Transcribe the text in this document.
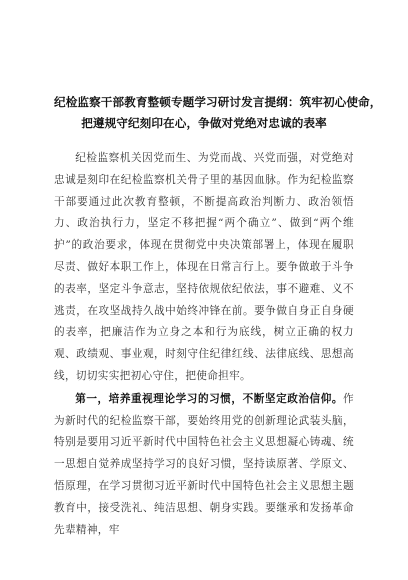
纪检监察干部教育整顿专题学习研讨发言提纲：筑牢初心使命，
把遵规守纪刻印在心，争做对党绝对忠诚的表率

纪检监察机关因党而生、为党而战、兴党而强，对党绝对忠诚是刻印在纪检监察机关骨子里的基因血脉。作为纪检监察干部要通过此次教育整顿，不断提高政治判断力、政治领悟力、政治执行力，坚定不移把握“两个确立”、做到“两个维护”的政治要求，体现在贯彻党中央决策部署上，体现在履职尽责、做好本职工作上，体现在日常言行上。要争做敢于斗争的表率，坚定斗争意志，坚持依规依纪依法，事不避难、义不逃责，在攻坚战持久战中始终冲锋在前。要争做自身正自身硬的表率，把廉洁作为立身之本和行为底线，树立正确的权力观、政绩观、事业观，时刻守住纪律红线、法律底线、思想高线，切切实实把初心守住，把使命担牢。

第一，培养重视理论学习的习惯，不断坚定政治信仰。作为新时代的纪检监察干部，要始终用党的创新理论武装头脑，特别是要用习近平新时代中国特色社会主义思想凝心铸魂、统一思想自觉养成坚持学习的良好习惯，坚持读原著、学原文、悟原理，在学习贯彻习近平新时代中国特色社会主义思想主题教育中，接受洗礼、纯洁思想、朝身实践。要继承和发扬革命先辈精神，牢
